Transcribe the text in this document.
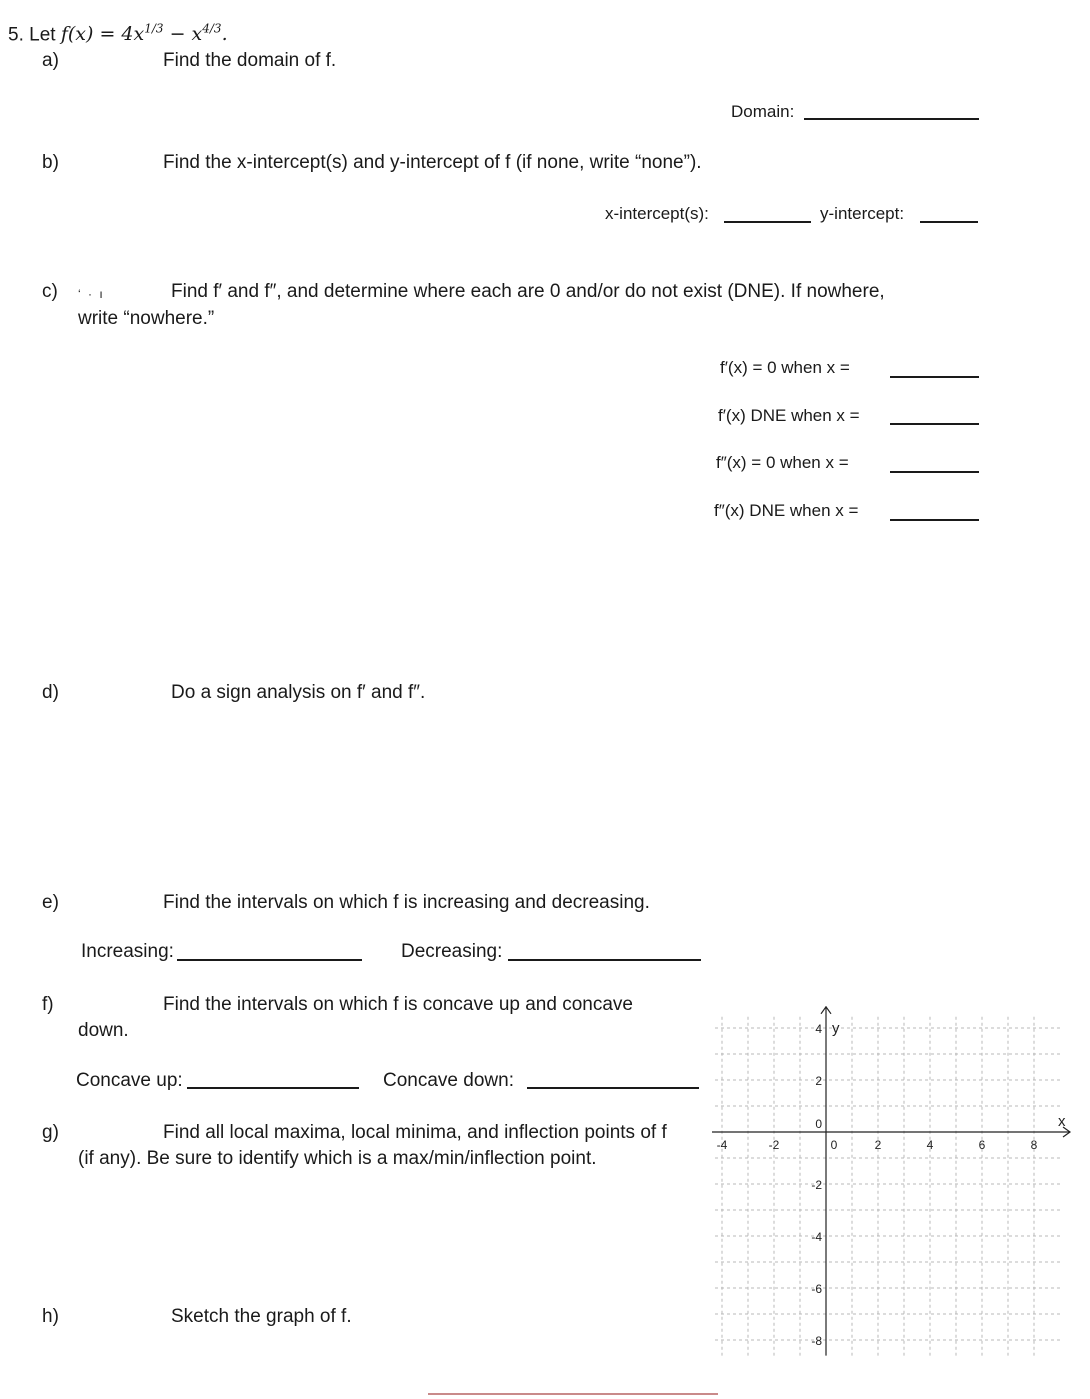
5. Let $f(x) = 4x^{1/3} - x^{4/3}$.
a)	Find the domain of f.
Domain:
b)	Find the x-intercept(s) and y-intercept of f (if none, write “none”).
x-intercept(s):	y-intercept:
c) ‘ · ı	Find f′ and f″, and determine where each are 0 and/or do not exist (DNE). If nowhere,
write “nowhere.”
f′(x) = 0 when x =
f′(x) DNE when x =
f″(x) = 0 when x =
f″(x) DNE when x =
d)	Do a sign analysis on f′ and f″.
e)	Find the intervals on which f is increasing and decreasing.
Increasing:	Decreasing:
f)	Find the intervals on which f is concave up and concave
down.
Concave up:	Concave down:
g)	Find all local maxima, local minima, and inflection points of f
(if any). Be sure to identify which is a max/min/inflection point.
h)	Sketch the graph of f.
x
y
-4	-2	0	2	4	6	8
4
2
0
-2
-4
-6
-8
